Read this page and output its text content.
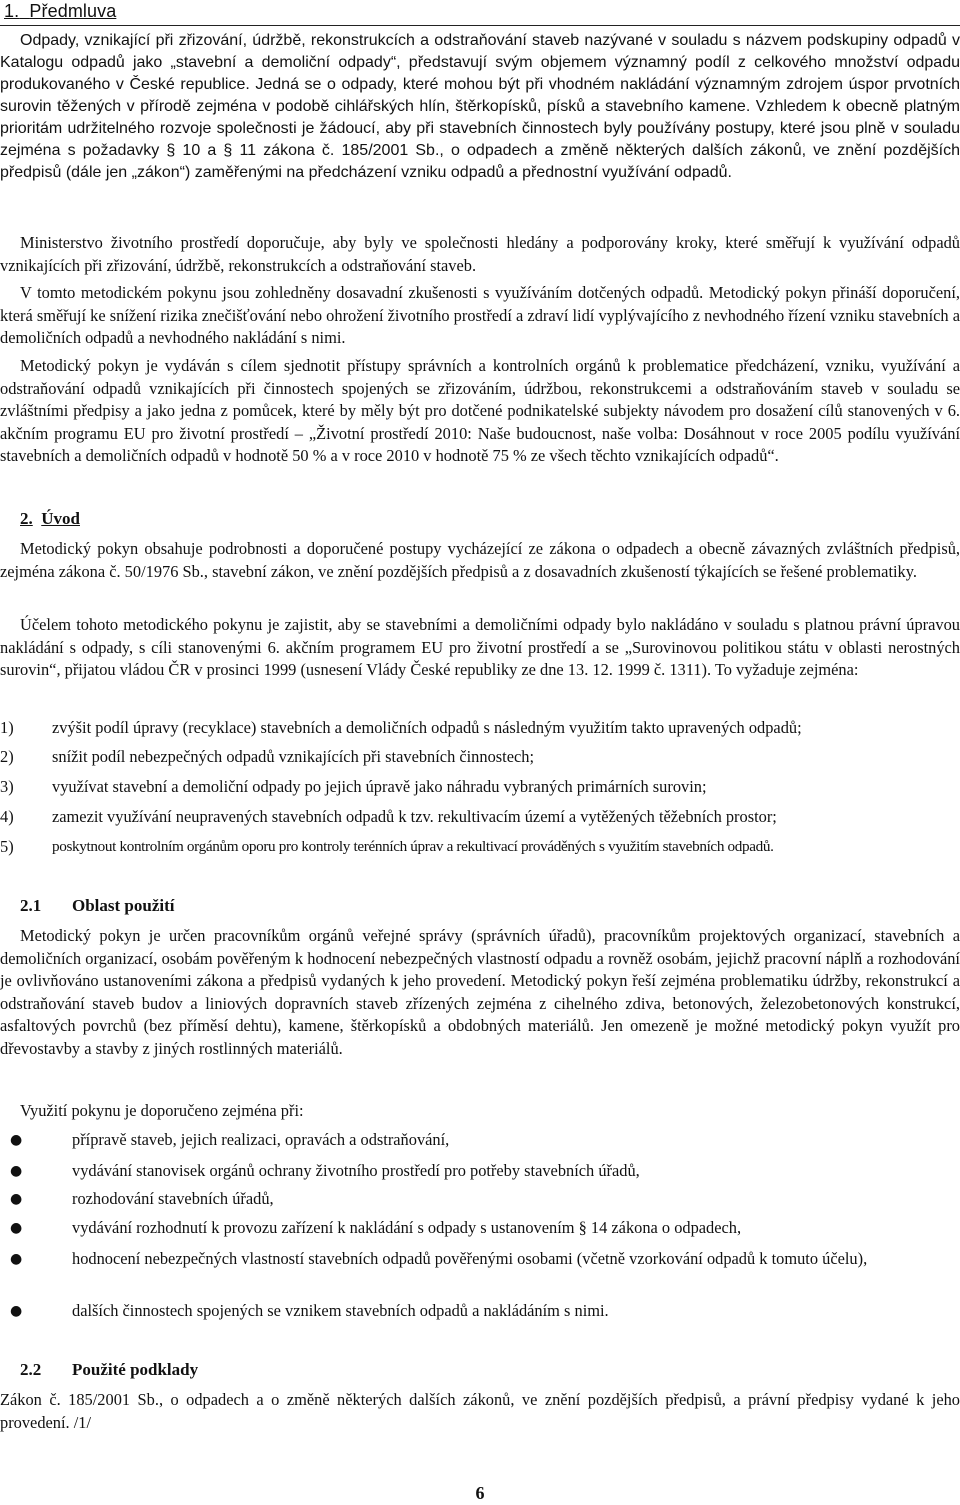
1. Předmluva
Odpady, vznikající při zřizování, údržbě, rekonstrukcích a odstraňování staveb nazývané v souladu s názvem podskupiny odpadů v Katalogu odpadů jako „stavební a demoliční odpady“, představují svým objemem významný podíl z celkového množství odpadu produkovaného v České republice. Jedná se o odpady, které mohou být při vhodném nakládání významným zdrojem úspor prvotních surovin těžených v přírodě zejména v podobě cihlářských hlín, štěrkopísků, písků a stavebního kamene. Vzhledem k obecně platným prioritám udržitelného rozvoje společnosti je žádoucí, aby při stavebních činnostech byly používány postupy, které jsou plně v souladu zejména s požadavky § 10 a § 11 zákona č. 185/2001 Sb., o odpadech a změně některých dalších zákonů, ve znění pozdějších předpisů (dále jen „zákon“) zaměřenými na předcházení vzniku odpadů a přednostní využívání odpadů.
Ministerstvo životního prostředí doporučuje, aby byly ve společnosti hledány a podporovány kroky, které směřují k využívání odpadů vznikajících při zřizování, údržbě, rekonstrukcích a odstraňování staveb.
V tomto metodickém pokynu jsou zohledněny dosavadní zkušenosti s využíváním dotčených odpadů. Metodický pokyn přináší doporučení, která směřují ke snížení rizika znečišťování nebo ohrožení životního prostředí a zdraví lidí vyplývajícího z nevhodného řízení vzniku stavebních a demoličních odpadů a nevhodného nakládání s nimi.
Metodický pokyn je vydáván s cílem sjednotit přístupy správních a kontrolních orgánů k problematice předcházení, vzniku, využívání a odstraňování odpadů vznikajících při činnostech spojených se zřizováním, údržbou, rekonstrukcemi a odstraňováním staveb v souladu se zvláštními předpisy a jako jedna z pomůcek, které by měly být pro dotčené podnikatelské subjekty návodem pro dosažení cílů stanovených v 6. akčním programu EU pro životní prostředí – „Životní prostředí 2010: Naše budoucnost, naše volba: Dosáhnout v roce 2005 podílu využívání stavebních a demoličních odpadů v hodnotě 50 % a v roce 2010 v hodnotě 75 % ze všech těchto vznikajících odpadů“.
2. Úvod
Metodický pokyn obsahuje podrobnosti a doporučené postupy vycházející ze zákona o odpadech a obecně závazných zvláštních předpisů, zejména zákona č. 50/1976 Sb., stavební zákon, ve znění pozdějších předpisů a z dosavadních zkušeností týkajících se řešené problematiky.
Účelem tohoto metodického pokynu je zajistit, aby se stavebními a demoličními odpady bylo nakládáno v souladu s platnou právní úpravou nakládání s odpady, s cíli stanovenými 6. akčním programem EU pro životní prostředí a se „Surovinovou politikou státu v oblasti nerostných surovin“, přijatou vládou ČR v prosinci 1999 (usnesení Vlády České republiky ze dne 13. 12. 1999 č. 1311). To vyžaduje zejména:
1) zvýšit podíl úpravy (recyklace) stavebních a demoličních odpadů s následným využitím takto upravených odpadů;
2) snížit podíl nebezpečných odpadů vznikajících při stavebních činnostech;
3) využívat stavební a demoliční odpady po jejich úpravě jako náhradu vybraných primárních surovin;
4) zamezit využívání neupravených stavebních odpadů k tzv. rekultivacím území a vytěžených těžebních prostor;
5)	poskytnout kontrolním orgánům oporu pro kontroly terénních úprav a rekultivací prováděných s využitím stavebních odpadů.
2.1 Oblast použití
Metodický pokyn je určen pracovníkům orgánů veřejné správy (správních úřadů), pracovníkům projektových organizací, stavebních a demoličních organizací, osobám pověřeným k hodnocení nebezpečných vlastností odpadu a rovněž osobám, jejichž pracovní náplň a rozhodování je ovlivňováno ustanoveními zákona a předpisů vydaných k jeho provedení. Metodický pokyn řeší zejména problematiku údržby, rekonstrukcí a odstraňování staveb budov a liniových dopravních staveb zřízených zejména z cihelného zdiva, betonových, železobetonových konstrukcí, asfaltových povrchů (bez příměsí dehtu), kamene, štěrkopísků a obdobných materiálů. Jen omezeně je možné metodický pokyn využít pro dřevostavby a stavby z jiných rostlinných materiálů.
Využití pokynu je doporučeno zejména při:
●	přípravě staveb, jejich realizaci, opravách a odstraňování,
●	vydávání stanovisek orgánů ochrany životního prostředí pro potřeby stavebních úřadů,
●	rozhodování stavebních úřadů,
●	vydávání rozhodnutí k provozu zařízení k nakládání s odpady s ustanovením § 14 zákona o odpadech,
●	hodnocení nebezpečných vlastností stavebních odpadů pověřenými osobami (včetně vzorkování odpadů k tomuto účelu),
●	dalších činnostech spojených se vznikem stavebních odpadů a nakládáním s nimi.
2.2 Použité podklady
Zákon č. 185/2001 Sb., o odpadech a o změně některých dalších zákonů, ve znění pozdějších předpisů, a právní předpisy vydané k jeho provedení. /1/
6
